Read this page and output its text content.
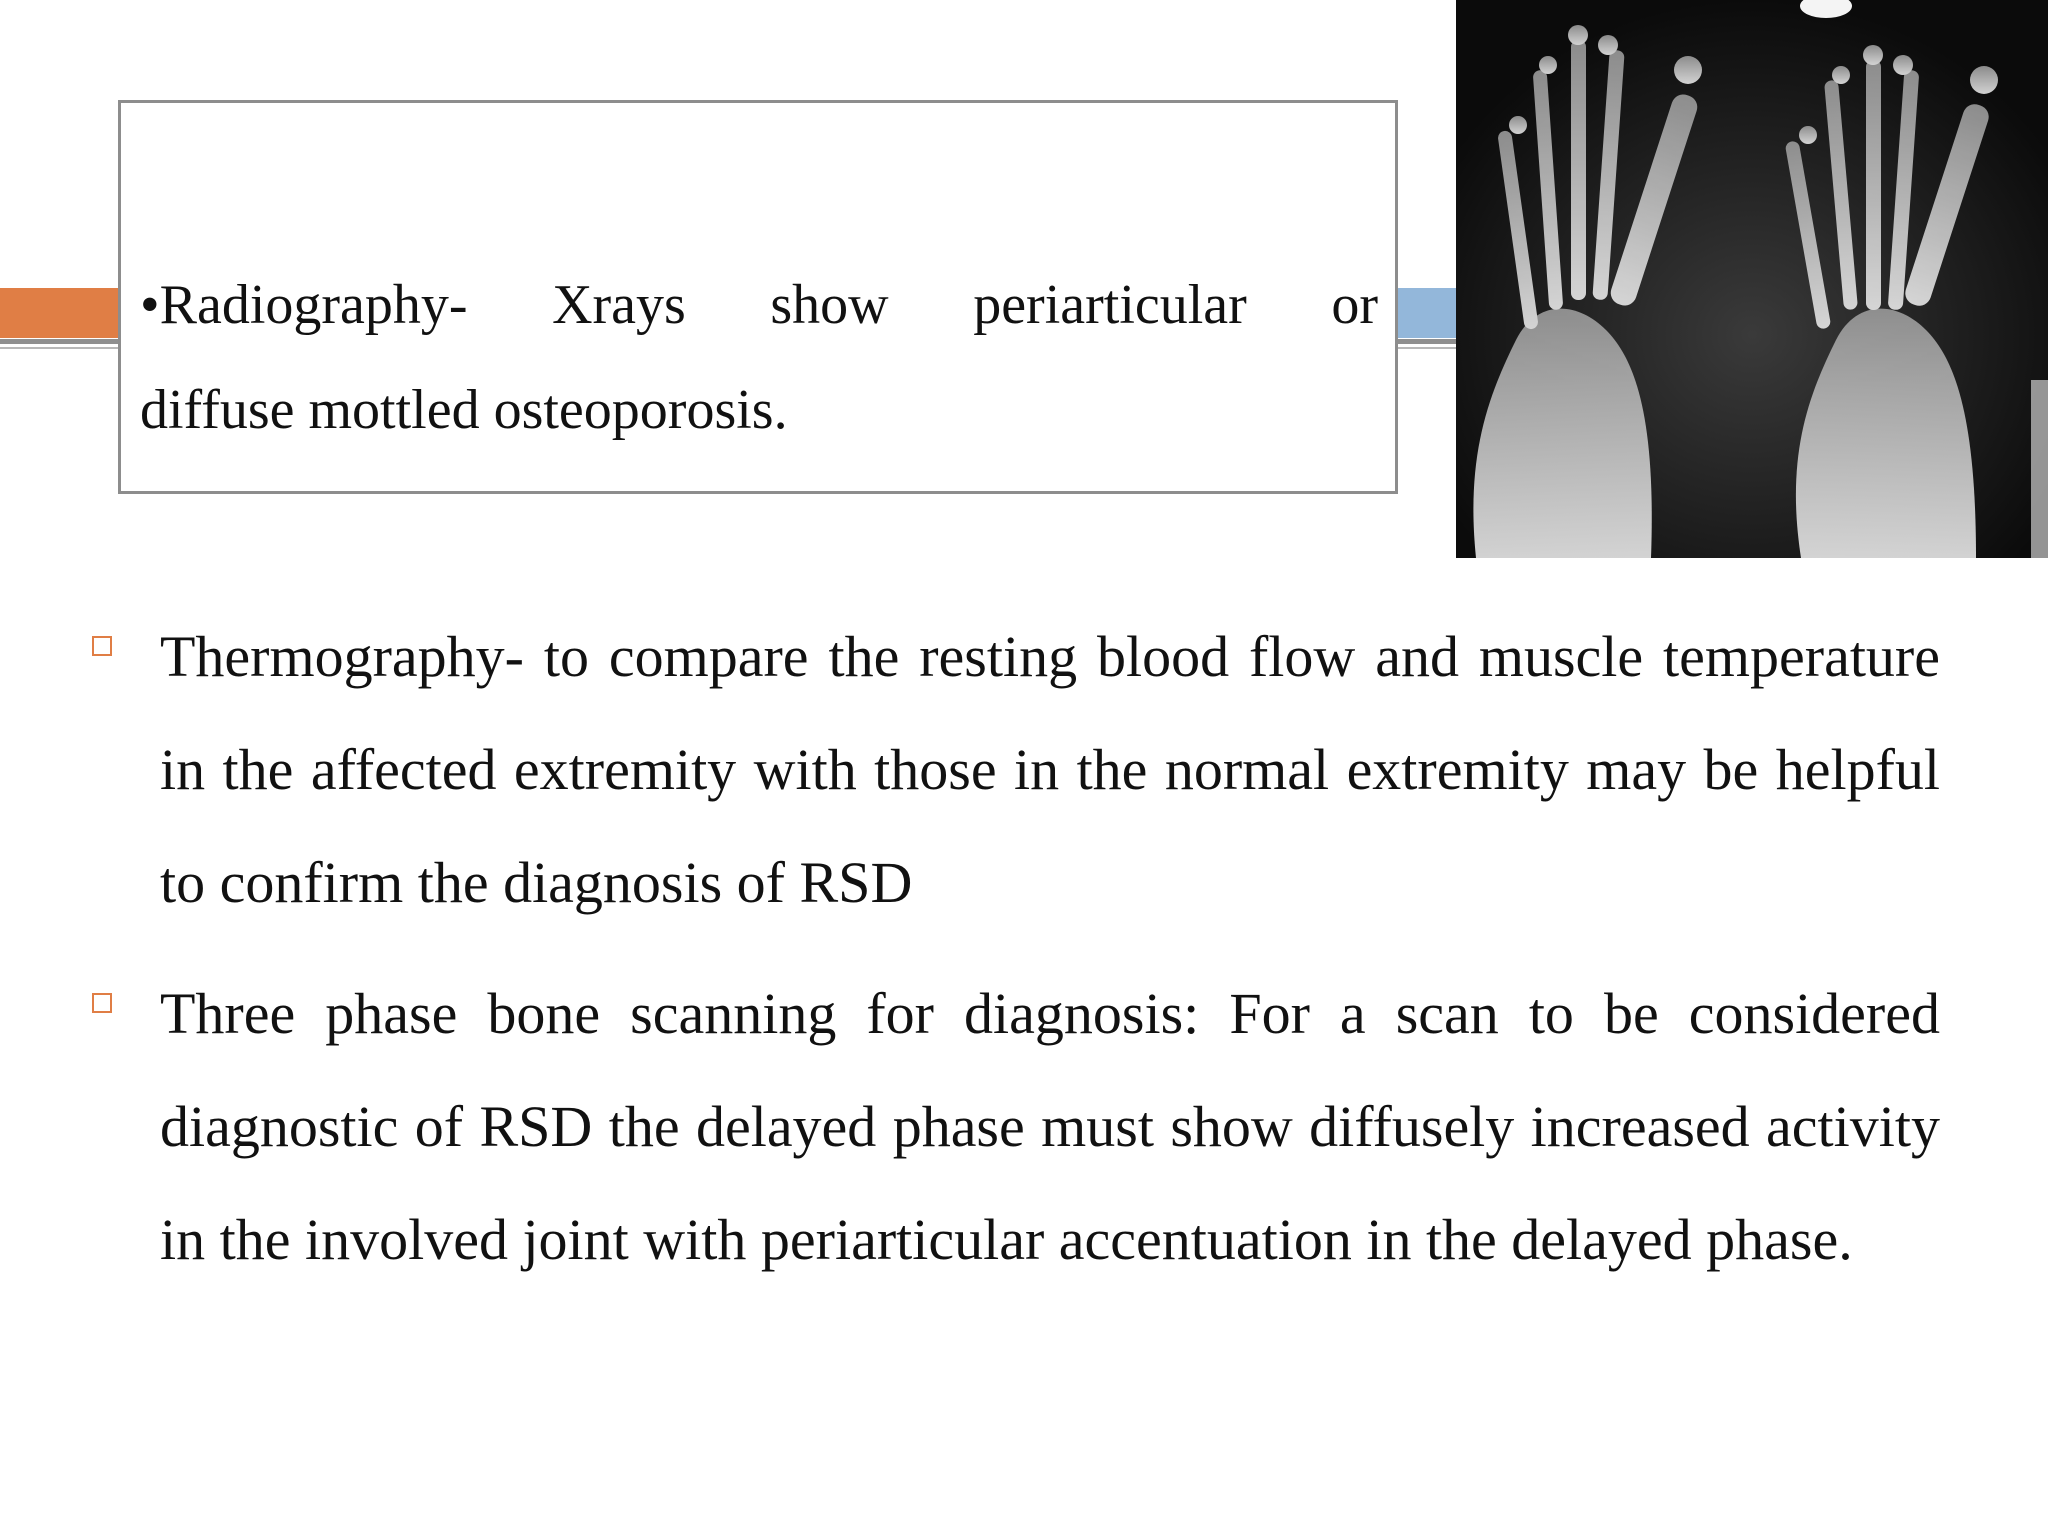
•Radiography- Xrays show periarticular or
diffuse mottled osteoporosis.

Thermography- to compare the resting blood flow and muscle temperature in the affected extremity with those in the normal extremity may be helpful to confirm the diagnosis of RSD

Three phase bone scanning for diagnosis: For a scan to be considered diagnostic of RSD the delayed phase must show diffusely increased activity in the involved joint with periarticular accentuation in the delayed phase.
